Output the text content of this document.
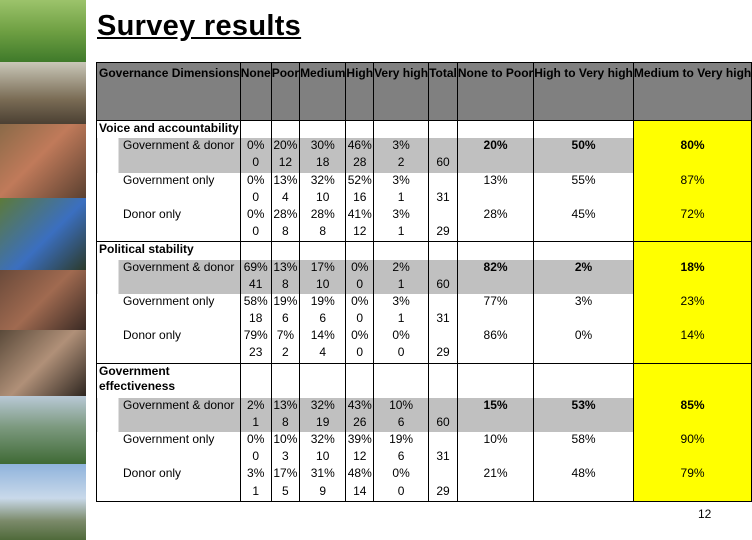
Survey results
Governance Dimensions	None	Poor	Medium	High	Very high	Total	None to Poor	High to Very high	Medium to Very high
Voice and accountability									
Government & donor	0%	20%	30%	46%	3%		20%	50%	80%
	0	12	18	28	2	60			
Government only	0%	13%	32%	52%	3%		13%	55%	87%
	0	4	10	16	1	31			
Donor only	0%	28%	28%	41%	3%		28%	45%	72%
	0	8	8	12	1	29			
Political stability									
Government & donor	69%	13%	17%	0%	2%		82%	2%	18%
	41	8	10	0	1	60			
Government only	58%	19%	19%	0%	3%		77%	3%	23%
	18	6	6	0	1	31			
Donor only	79%	7%	14%	0%	0%		86%	0%	14%
	23	2	4	0	0	29			
Government effectiveness									
Government & donor	2%	13%	32%	43%	10%		15%	53%	85%
	1	8	19	26	6	60			
Government only	0%	10%	32%	39%	19%		10%	58%	90%
	0	3	10	12	6	31			
Donor only	3%	17%	31%	48%	0%		21%	48%	79%
	1	5	9	14	0	29			
12
